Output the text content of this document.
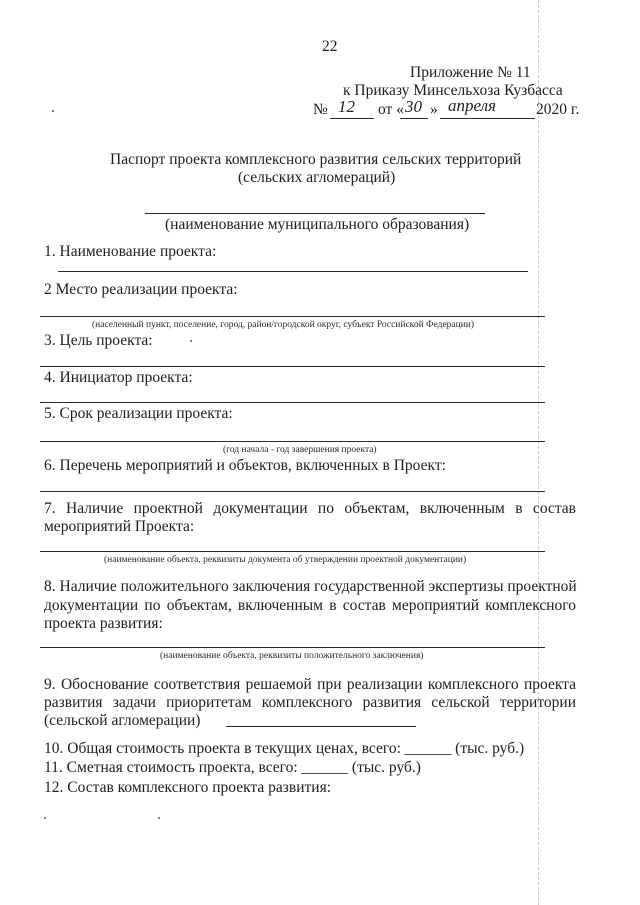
22
Приложение № 11
к Приказу Минсельхоза Кузбасса
№ 12 от « 30 » апреля	2020 г.
Паспорт проекта комплексного развития сельских территорий
(сельских агломераций)
(наименование муниципального образования)
1. Наименование проекта:
2 Место реализации проекта:
(населенный пункт, поселение, город, район/городской округ, субъект Российской Федерации)
3. Цель проекта:
4. Инициатор проекта:
5. Срок реализации проекта:
(год начала - год завершения проекта)
6. Перечень мероприятий и объектов, включенных в Проект:
7. Наличие проектной документации по объектам, включенным в состав
мероприятий Проекта:
(наименование объекта, реквизиты документа об утверждении проектной документации)
8. Наличие положительного заключения государственной экспертизы проектной
документации по объектам, включенным в состав мероприятий комплексного
проекта развития:
(наименование объекта, реквизиты положительного заключения)
9. Обоснование соответствия решаемой при реализации комплексного проекта
развития задачи приоритетам комплексного развития сельской территории
(сельской агломерации)
10. Общая стоимость проекта в текущих ценах, всего: ______ (тыс. руб.)
11. Сметная стоимость проекта, всего: ______ (тыс. руб.)
12. Состав комплексного проекта развития:
